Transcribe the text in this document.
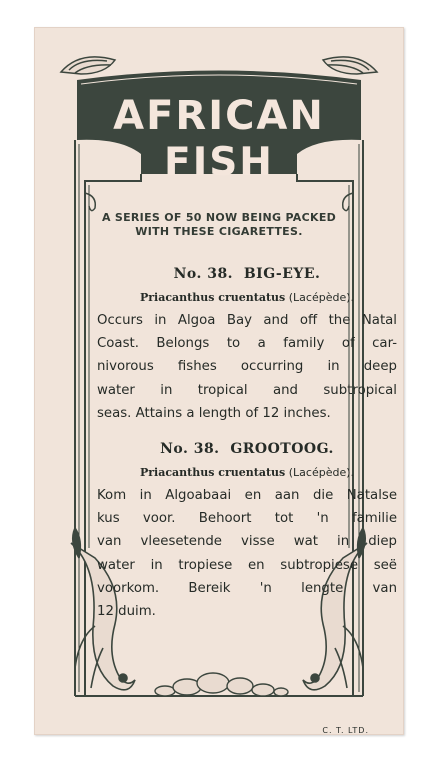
AFRICAN
FISH
A SERIES OF 50 NOW BEING PACKED
WITH THESE CIGARETTES.
No. 38. BIG-EYE.
Priacanthus cruentatus (Lacépède).
Occurs in Algoa Bay and off the Natal
Coast. Belongs to a family of car-
nivorous fishes occurring in deep
water in tropical and subtropical
seas. Attains a length of 12 inches.
No. 38. GROOTOOG.
Priacanthus cruentatus (Lacépède).
Kom in Algoabaai en aan die Natalse
kus voor. Behoort tot 'n familie
van vleesetende visse wat in diep
water in tropiese en subtropiese seë
voorkom. Bereik 'n lengte van
12 duim.
C. T. LTD.
